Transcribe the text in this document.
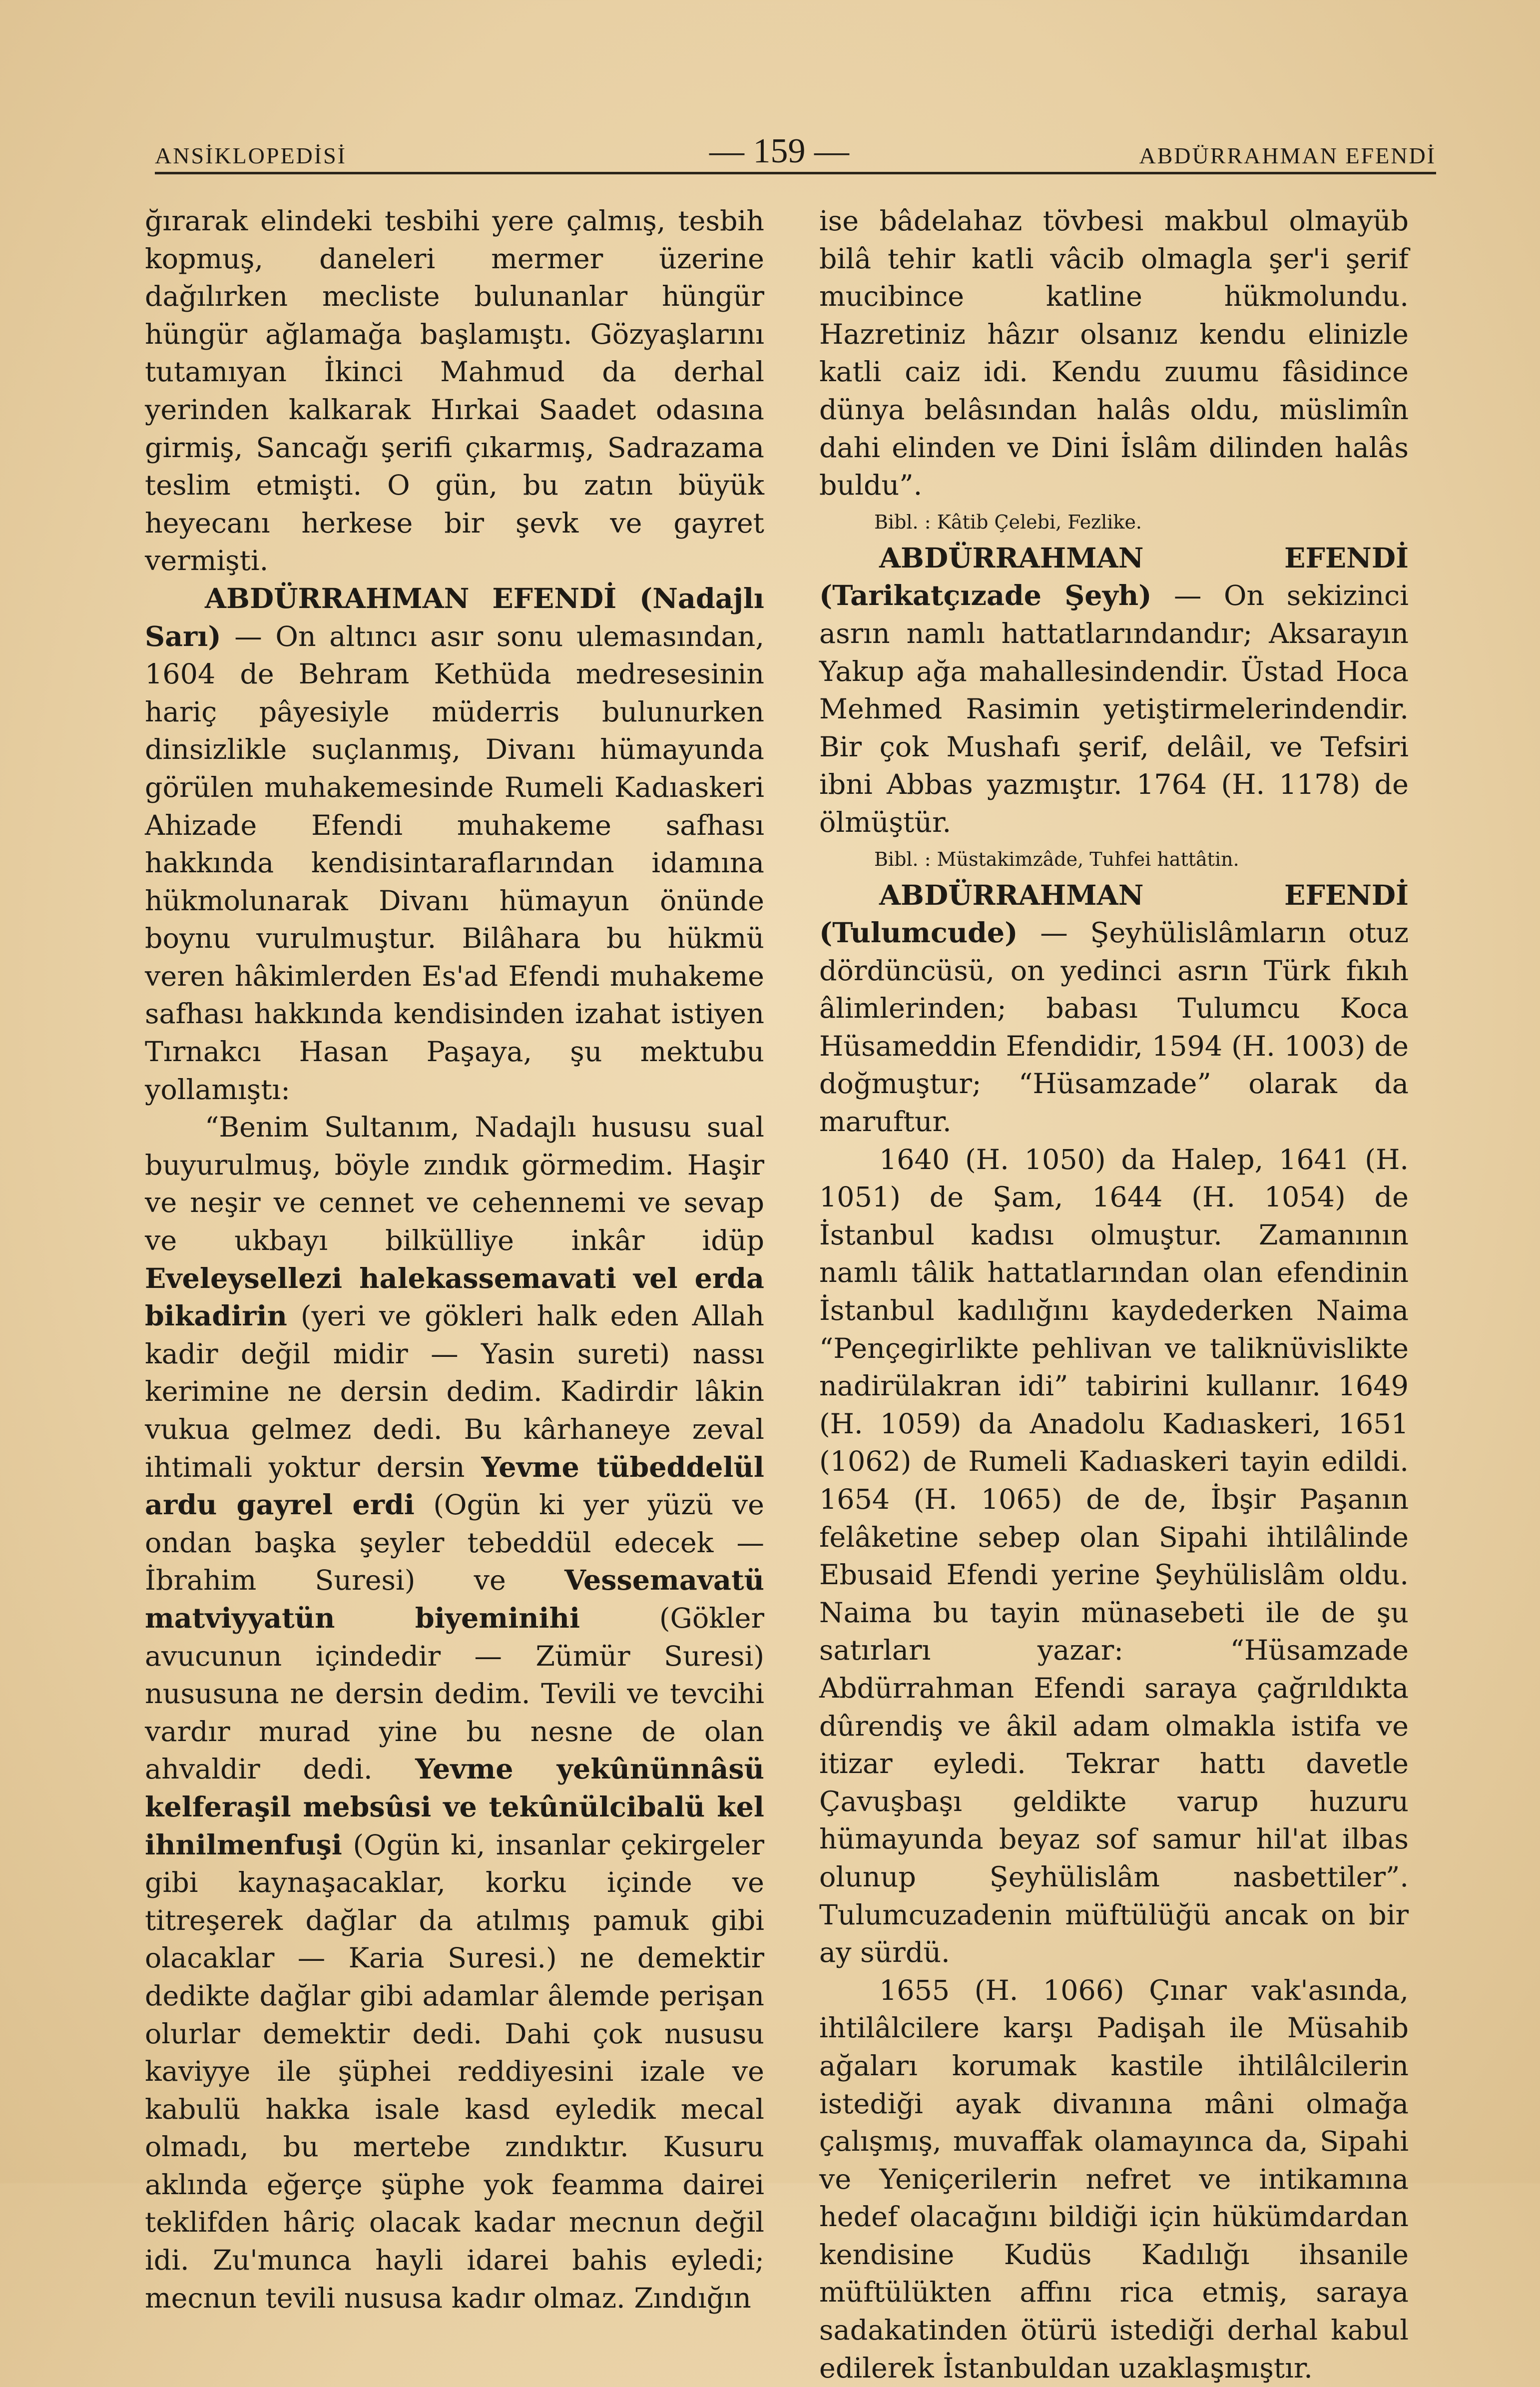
ANSİKLOPEDİSİ	— 159 —	ABDÜRRAHMAN EFENDİ

ğırarak elindeki tesbihi yere çalmış, tesbih kopmuş, daneleri mermer üzerine dağılırken mecliste bulunanlar hüngür hüngür ağlamağa başlamıştı. Gözyaşlarını tutamıyan İkinci Mahmud da derhal yerinden kalkarak Hırkai Saadet odasına girmiş, Sancağı şerifi çıkarmış, Sadrazama teslim etmişti. O gün, bu zatın büyük heyecanı herkese bir şevk ve gayret vermişti.

ABDÜRRAHMAN EFENDİ (Nadajlı Sarı) — On altıncı asır sonu ulemasından, 1604 de Behram Kethüda medresesinin hariç pâyesiyle müderris bulunurken dinsizlikle suçlanmış, Divanı hümayunda görülen muhakemesinde Rumeli Kadıaskeri Ahizade Efendi muhakeme safhası hakkında kendisintaraflarından idamına hükmolunarak Divanı hümayun önünde boynu vurulmuştur. Bilâhara bu hükmü veren hâkimlerden Es'ad Efendi muhakeme safhası hakkında kendisinden izahat istiyen Tırnakcı Hasan Paşaya, şu mektubu yollamıştı:

“Benim Sultanım, Nadajlı hususu sual buyurulmuş, böyle zındık görmedim. Haşir ve neşir ve cennet ve cehennemi ve sevap ve ukbayı bilkülliye inkâr idüp Eveleysellezi halekassemavati vel erda bikadirin (yeri ve gökleri halk eden Allah kadir değil midir — Yasin sureti) nassı kerimine ne dersin dedim. Kadirdir lâkin vukua gelmez dedi. Bu kârhaneye zeval ihtimali yoktur dersin Yevme tübeddelül ardu gayrel erdi (Ogün ki yer yüzü ve ondan başka şeyler tebeddül edecek — İbrahim Suresi) ve Vessemavatü matviyyatün biyeminihi (Gökler avucunun içindedir — Zümür Suresi) nususuna ne dersin dedim. Tevili ve tevcihi vardır murad yine bu nesne de olan ahvaldir dedi. Yevme yekûnünnâsü kelferaşil mebsûsi ve tekûnülcibalü kel ihnilmenfuşi (Ogün ki, insanlar çekirgeler gibi kaynaşacaklar, korku içinde ve titreşerek dağlar da atılmış pamuk gibi olacaklar — Karia Suresi.) ne demektir dedikte dağlar gibi adamlar âlemde perişan olurlar demektir dedi. Dahi çok nususu kaviyye ile şüphei reddiyesini izale ve kabulü hakka isale kasd eyledik mecal olmadı, bu mertebe zındıktır. Kusuru aklında eğerçe şüphe yok feamma dairei teklifden hâriç olacak kadar mecnun değil idi. Zu'munca hayli idarei bahis eyledi; mecnun tevili nususa kadır olmaz. Zındığın

ise bâdelahaz tövbesi makbul olmayüb bilâ tehir katli vâcib olmagla şer'i şerif mucibince katline hükmolundu. Hazretiniz hâzır olsanız kendu elinizle katli caiz idi. Kendu zuumu fâsidince dünya belâsından halâs oldu, müslimîn dahi elinden ve Dini İslâm dilinden halâs buldu”.

Bibl. : Kâtib Çelebi, Fezlike.

ABDÜRRAHMAN EFENDİ (Tarikatçızade Şeyh) — On sekizinci asrın namlı hattatlarındandır; Aksarayın Yakup ağa mahallesindendir. Üstad Hoca Mehmed Rasimin yetiştirmelerindendir. Bir çok Mushafı şerif, delâil, ve Tefsiri ibni Abbas yazmıştır. 1764 (H. 1178) de ölmüştür.

Bibl. : Müstakimzâde, Tuhfei hattâtin.

ABDÜRRAHMAN EFENDİ (Tulumcude) — Şeyhülislâmların otuz dördüncüsü, on yedinci asrın Türk fıkıh âlimlerinden; babası Tulumcu Koca Hüsameddin Efendidir, 1594 (H. 1003) de doğmuştur; “Hüsamzade” olarak da maruftur.

1640 (H. 1050) da Halep, 1641 (H. 1051) de Şam, 1644 (H. 1054) de İstanbul kadısı olmuştur. Zamanının namlı tâlik hattatlarından olan efendinin İstanbul kadılığını kaydederken Naima “Pençegirlikte pehlivan ve taliknüvislikte nadirülakran idi” tabirini kullanır. 1649 (H. 1059) da Anadolu Kadıaskeri, 1651 (1062) de Rumeli Kadıaskeri tayin edildi. 1654 (H. 1065) de de, İbşir Paşanın felâketine sebep olan Sipahi ihtilâlinde Ebusaid Efendi yerine Şeyhülislâm oldu. Naima bu tayin münasebeti ile de şu satırları yazar: “Hüsamzade Abdürrahman Efendi saraya çağrıldıkta dûrendiş ve âkil adam olmakla istifa ve itizar eyledi. Tekrar hattı davetle Çavuşbaşı geldikte varup huzuru hümayunda beyaz sof samur hil'at ilbas olunup Şeyhülislâm nasbettiler”. Tulumcuzadenin müftülüğü ancak on bir ay sürdü.

1655 (H. 1066) Çınar vak'asında, ihtilâlcilere karşı Padişah ile Müsahib ağaları korumak kastile ihtilâlcilerin istediği ayak divanına mâni olmağa çalışmış, muvaffak olamayınca da, Sipahi ve Yeniçerilerin nefret ve intikamına hedef olacağını bildiği için hükümdardan kendisine Kudüs Kadılığı ihsanile müftülükten affını rica etmiş, saraya sadakatinden ötürü istediği derhal kabul edilerek İstanbuldan uzaklaşmıştır.
